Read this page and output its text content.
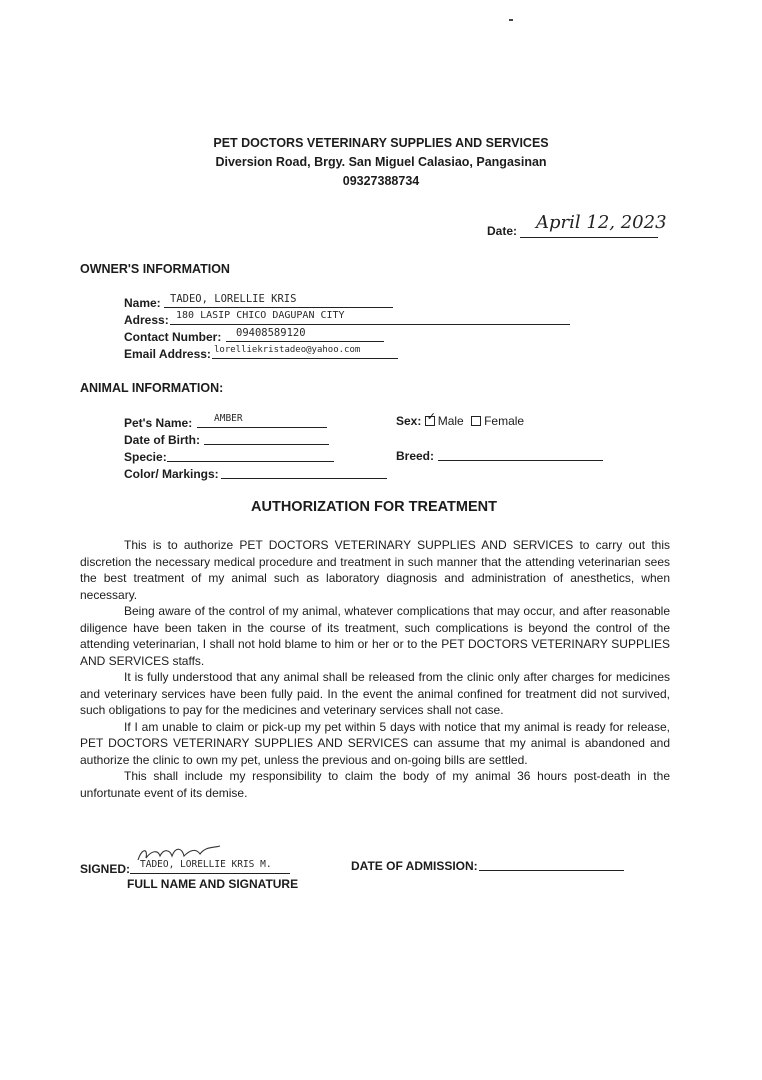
PET DOCTORS VETERINARY SUPPLIES AND SERVICES
Diversion Road, Brgy. San Miguel Calasiao, Pangasinan
09327388734
Date: April 12, 2023
OWNER'S INFORMATION
Name: TADEO, LORELLIE KRIS
Adress: 180 LASIP CHICO DAGUPAN CITY
Contact Number: 09408589120
Email Address: lorelliekristadeo@yahoo.com
ANIMAL INFORMATION:
Pet's Name: AMBER
Date of Birth:
Specie:
Color/ Markings:
Sex: ✓ Male Female
Breed:
AUTHORIZATION FOR TREATMENT

This is to authorize PET DOCTORS VETERINARY SUPPLIES AND SERVICES to carry out this discretion the necessary medical procedure and treatment in such manner that the attending veterinarian sees the best treatment of my animal such as laboratory diagnosis and administration of anesthetics, when necessary.

Being aware of the control of my animal, whatever complications that may occur, and after reasonable diligence have been taken in the course of its treatment, such complications is beyond the control of the attending veterinarian, I shall not hold blame to him or her or to the PET DOCTORS VETERINARY SUPPLIES AND SERVICES staffs.

It is fully understood that any animal shall be released from the clinic only after charges for medicines and veterinary services have been fully paid. In the event the animal confined for treatment did not survived, such obligations to pay for the medicines and veterinary services shall not case.

If I am unable to claim or pick-up my pet within 5 days with notice that my animal is ready for release, PET DOCTORS VETERINARY SUPPLIES AND SERVICES can assume that my animal is abandoned and authorize the clinic to own my pet, unless the previous and on-going bills are settled.

This shall include my responsibility to claim the body of my animal 36 hours post-death in the unfortunate event of its demise.

SIGNED: TADEO, LORELLIE KRIS M.
FULL NAME AND SIGNATURE
DATE OF ADMISSION:
